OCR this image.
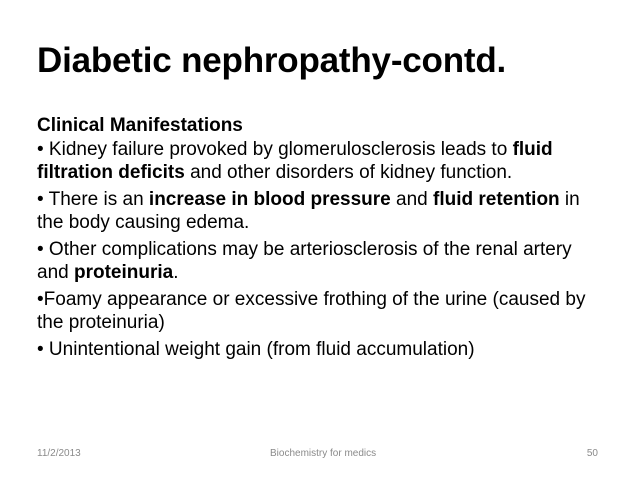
Diabetic nephropathy-contd.

Clinical Manifestations

• Kidney failure provoked by glomerulosclerosis leads to fluid filtration deficits and other disorders of kidney function.

• There is an increase in blood pressure and fluid retention in the body causing edema.

• Other complications may be arteriosclerosis of the renal artery and proteinuria.

•Foamy appearance or excessive frothing of the urine (caused by the proteinuria)

• Unintentional weight gain (from fluid accumulation)

11/2/2013	Biochemistry for medics	50
